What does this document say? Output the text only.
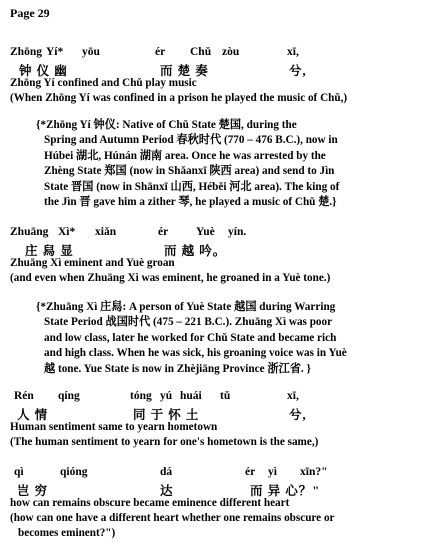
Page 29
Zhōng Yí* yōu	ér Chǔ zòu	xī,
钟 仪 幽	而 楚 奏	兮,
Zhōng Yí confined and Chǔ play music
(When Zhōng Yí was confined in a prison he played the music of Chǔ,)
{*Zhōng Yí 钟仪: Native of Chǔ State 楚国, during the
Spring and Autumn Period 春秋时代 (770 – 476 B.C.), now in
Húbei 湖北, Húnán 湖南 area. Once he was arrested by the
Zhèng State 郑国 (now in Shǎanxī 陕西 area) and send to Jìn
State 晋国 (now in Shānxī 山西, Héběi 河北 area). The king of
the Jìn 晋 gave him a zither 琴, he played a music of Chǔ 楚.}
Zhuāng Xì* xiǎn	ér Yuè yín.
庄 舄 显	而 越 吟。
Zhuāng Xì eminent and Yuè groan
(and even when Zhuāng Xì was eminent, he groaned in a Yuè tone.)
{*Zhuāng Xì 庄舄: A person of Yuè State 越国 during Warring
State Period 战国时代 (475 – 221 B.C.). Zhuāng Xì was poor
and low class, later he worked for Chǔ State and became rich
and high class. When he was sick, his groaning voice was in Yuè
越 tone. Yue State is now in Zhèjiāng Province 浙江省. }
Rén qíng	tóng yú huái tǔ	xī,
人 情	同 于 怀 土	兮,
Human sentiment same to yearn hometown
(The human sentiment to yearn for one's hometown is the same,)
qì	qióng	dá	ér yì xīn?"
岂 穷	达	而 异 心？"
how can remains obscure became eminence different heart
(how can one have a different heart whether one remains obscure or
becomes eminent?")
